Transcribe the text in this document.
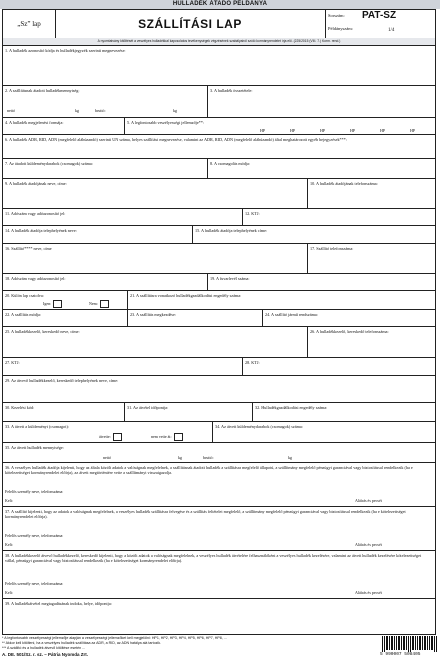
HULLADÉK ÁTADÓ PÉLDÁNYA
„Sz” lap	SZÁLLÍTÁSI LAP
Sorszám: PAT-SZ
Példányszám:	1/4
A nyomtatvány kitöltését a veszélyes hulladékkal kapcsolatos tevékenységek végzésének szabályairól szóló kormányrendelet írja elő. (225/2015 (VIII. 7.) Korm. rend.)
1. A hulladék azonosító kódja és hulladékjegyzék szerinti megnevezése:
2. A szállításnak átadott hulladékmennyiség:
nettó	kg	bruttó:	kg
3. A hulladék összetétele:
4. A hulladék megjelenési formája:	5. A legfontosabb veszélyességi jellemzője**:
HP	HP	HP	HP	HP	HP
6. A hulladék ADR, RID, ADN (megfelelő aláhúzandó) szerinti UN száma, helyes szállítási megnevezése, valamint az ADR, RID, ADN (megfelelő aláhúzandó) által meghatározott egyéb bejegyzések***:
7. Az átadott küldeménydarabok (csomagok) száma:	8. A csomagolás módja:
9. A hulladék átadójának neve, címe:	10. A hulladék átadójának telefonszáma:
11. Adószám vagy adóazonosító jel:	12. KTJ:
14. A hulladék átadója telephelyének neve:	15. A hulladék átadója telephelyének címe:
16. Szállító**** neve, címe	17. Szállító telefonszáma:
18. Adószám vagy adóazonosító jel:	19. A fuvarlevél száma:
20. Külön lap csatolva:
Igen:	Nem:
21. A szállításra vonatkozó hulladékgazdálkodási engedély száma:
22. A szállítás módja:	23. A szállítás megkezdése:	24. A szállító jármű rendszáma:
25. A hulladékkezelő, kereskedő neve, címe:	26. A hulladékkezelő, kereskedő telefonszáma:
27. KTJ:	28. KTJ:
29. Az átvevő hulladékkezelő, kereskedő telephelyének neve, címe:
30. Kezelési kód:	31. Az átvétel időpontja:	32. Hulladékgazdálkodási engedély száma:
33. A átvett a küldeményt (csomagot):
átvette:	nem vette át:
34. Az átvett küldeménydarabok (csomagok) száma:
35. Az átvett hulladék mennyisége:
nettó	kg	bruttó:	kg
36. A veszélyes hulladék átadója kijelenti, hogy az általa közölt adatok a valóságnak megfelelnek, a szállításnak átadott hulladék a szállításra megfelelő állapotú, a szállítmány megfelelő pénzügyi garanciával vagy biztosítással rendelkezik (ha e kötelezettséget kormányrendelet előírja), az átvett megtörténtére vette a szállítmányt visszaigazolja.
Felelős személy neve, telefonszáma:
Kelt:	Aláírás és pecsét
37. A szállító kijelenti, hogy az adatok a valóságnak megfelelnek, a veszélyes hulladék szállításra felvegése és a szállítás feltételei megfelelő, a szállítmány megfelelő pénzügyi garanciával vagy biztosítással rendelkezik (ha e kötelezettséget kormányrendelet előírja).
Felelős személy neve, telefonszáma:
Kelt:	Aláírás és pecsét
38. A hulladékkezelő átvevő hulladékkezelő, kereskedő kijelenti, hogy a közölt adatok a valóságnak megfelelnek, a veszélyes hulladék átvételére felhasználóként a veszélyes hulladék kezelésére, valamint az átvett hulladék kezelésére kötelezettséget vállal, pénzügyi garanciával vagy biztosítással rendelkezik (ha e kötelezettséget kormányrendelet előírja).
Felelős személy neve, telefonszáma:
Kelt:	Aláírás és pecsét
39. A hulladékátvétel megtagadásának indoka, helye, időpontja:
* A legfontosabb veszélyességi jellemzője alapján a veszélyességi jellemzőket kell megjelölni: HP1, HP2, HP3, HP4, HP5, HP6, HP7, HP8, ...
** Akkor kell kitölteni, ha a veszélyes hulladék szállítása az ADR, a RID, az ADN hatálya alá tartozik.
*** A szállító és a hulladék átvevő kitöltése esetén ...
A. DE. 501/Sz. r. sz. – Pátria Nyomda Zrt.	5 990007 508405
